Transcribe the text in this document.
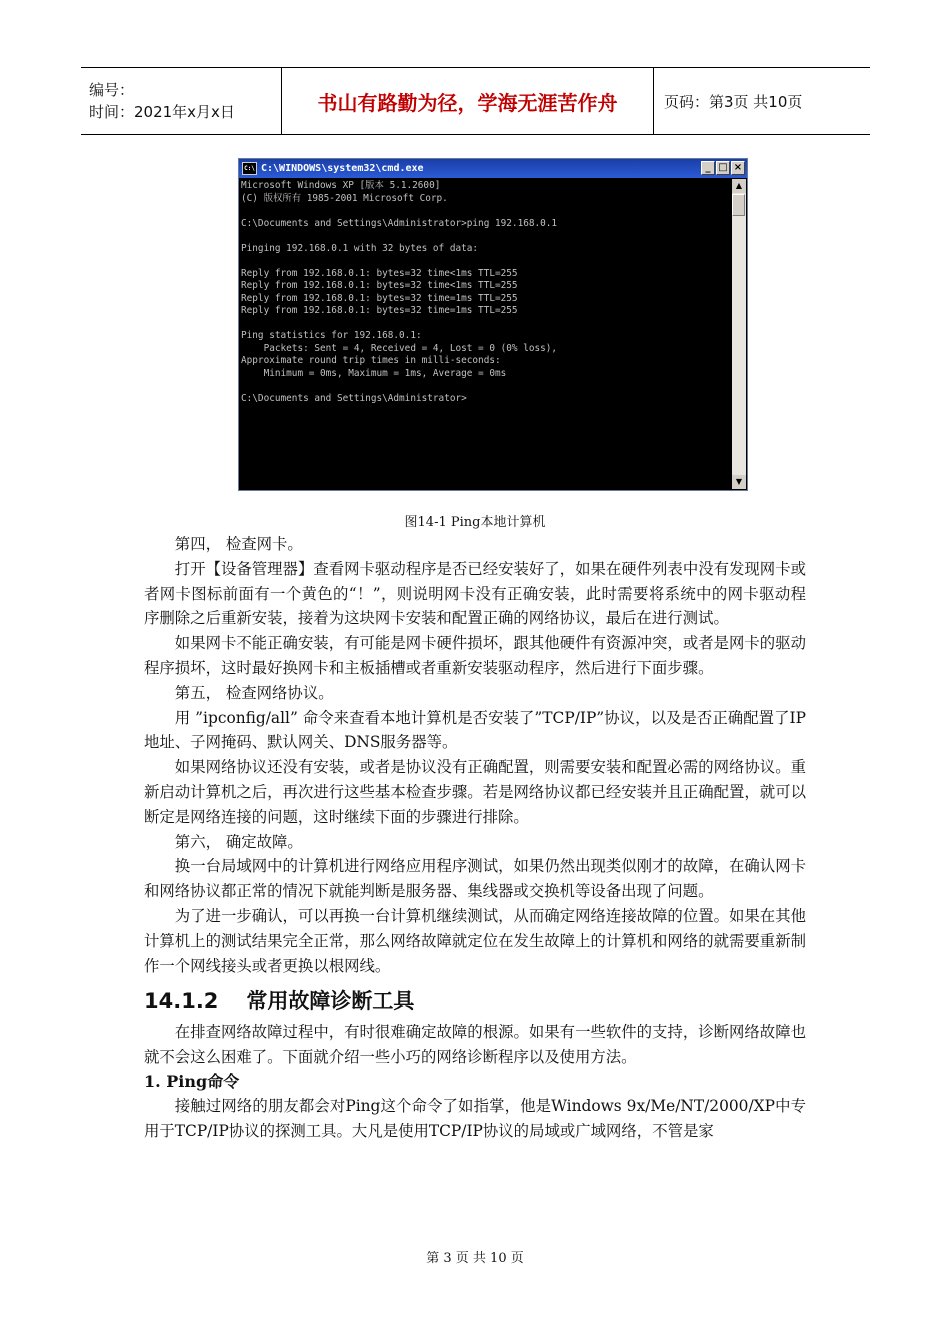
编号：
时间：2021年x月x日	书山有路勤为径，学海无涯苦作舟	页码：第3页 共10页
C:\ C:\WINDOWS\system32\cmd.exe	_ □ ×
Microsoft Windows XP [版本 5.1.2600]
(C) 版权所有 1985-2001 Microsoft Corp.

C:\Documents and Settings\Administrator>ping 192.168.0.1

Pinging 192.168.0.1 with 32 bytes of data:

Reply from 192.168.0.1: bytes=32 time<1ms TTL=255
Reply from 192.168.0.1: bytes=32 time<1ms TTL=255
Reply from 192.168.0.1: bytes=32 time=1ms TTL=255
Reply from 192.168.0.1: bytes=32 time=1ms TTL=255

Ping statistics for 192.168.0.1:
Packets: Sent = 4, Received = 4, Lost = 0 (0% loss),
Approximate round trip times in milli-seconds:
Minimum = 0ms, Maximum = 1ms, Average = 0ms

C:\Documents and Settings\Administrator>
▲
▼
图14-1 Ping本地计算机

第四， 检查网卡。

打开【设备管理器】查看网卡驱动程序是否已经安装好了，如果在硬件列表中没有发现网卡或者网卡图标前面有一个黄色的“！”，则说明网卡没有正确安装，此时需要将系统中的网卡驱动程序删除之后重新安装，接着为这块网卡安装和配置正确的网络协议，最后在进行测试。

如果网卡不能正确安装，有可能是网卡硬件损坏，跟其他硬件有资源冲突，或者是网卡的驱动程序损坏，这时最好换网卡和主板插槽或者重新安装驱动程序，然后进行下面步骤。

第五， 检查网络协议。

用 ”ipconfig/all” 命令来查看本地计算机是否安装了”TCP/IP”协议，以及是否正确配置了IP地址、子网掩码、默认网关、DNS服务器等。

如果网络协议还没有安装，或者是协议没有正确配置，则需要安装和配置必需的网络协议。重新启动计算机之后，再次进行这些基本检查步骤。若是网络协议都已经安装并且正确配置，就可以断定是网络连接的问题，这时继续下面的步骤进行排除。

第六， 确定故障。

换一台局域网中的计算机进行网络应用程序测试，如果仍然出现类似刚才的故障，在确认网卡和网络协议都正常的情况下就能判断是服务器、集线器或交换机等设备出现了问题。

为了进一步确认，可以再换一台计算机继续测试，从而确定网络连接故障的位置。如果在其他计算机上的测试结果完全正常，那么网络故障就定位在发生故障上的计算机和网络的就需要重新制作一个网线接头或者更换以根网线。

14.1.2 常用故障诊断工具

在排查网络故障过程中，有时很难确定故障的根源。如果有一些软件的支持，诊断网络故障也就不会这么困难了。下面就介绍一些小巧的网络诊断程序以及使用方法。

1. Ping命令

接触过网络的朋友都会对Ping这个命令了如指掌，他是Windows 9x/Me/NT/2000/XP中专用于TCP/IP协议的探测工具。大凡是使用TCP/IP协议的局域或广域网络，不管是家

第 3 页 共 10 页
